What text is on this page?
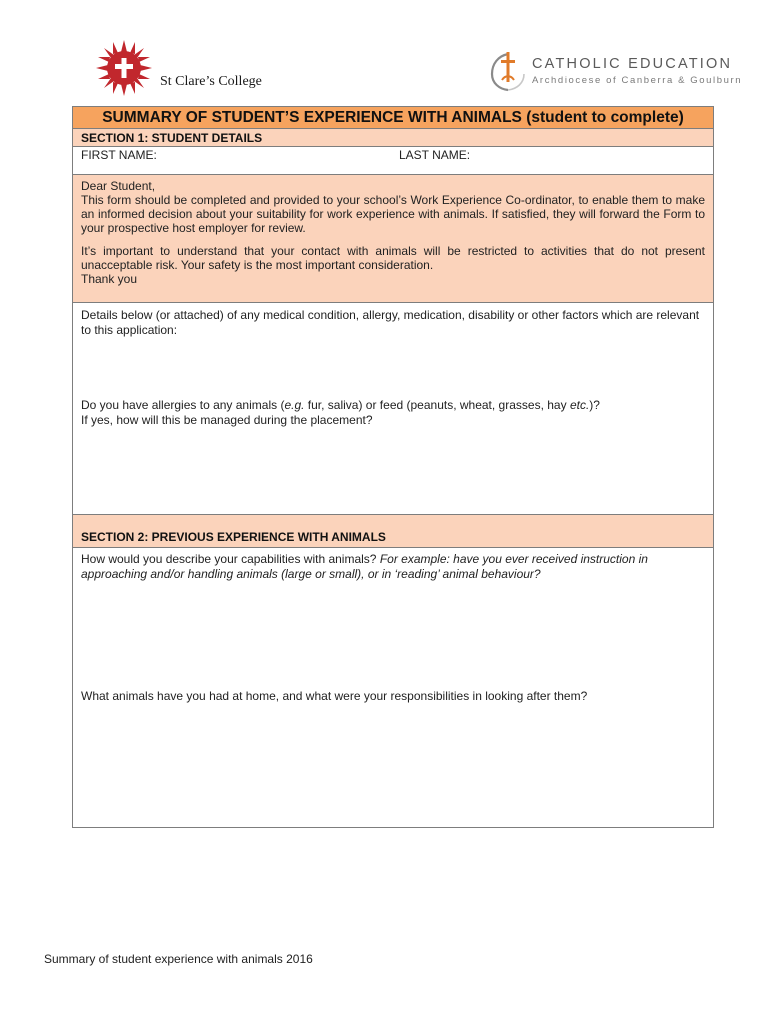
St Clare’s College
CATHOLIC EDUCATION
Archdiocese of Canberra & Goulburn
SUMMARY OF STUDENT’S EXPERIENCE WITH ANIMALS (student to complete)
SECTION 1: STUDENT DETAILS
FIRST NAME:	LAST NAME:

Dear Student,
This form should be completed and provided to your school’s Work Experience Co-ordinator, to enable them to make an informed decision about your suitability for work experience with animals. If satisfied, they will forward the Form to your prospective host employer for review.

It’s important to understand that your contact with animals will be restricted to activities that do not present unacceptable risk. Your safety is the most important consideration.
Thank you

Details below (or attached) of any medical condition, allergy, medication, disability or other factors which are relevant to this application:
Do you have allergies to any animals (e.g. fur, saliva) or feed (peanuts, wheat, grasses, hay etc.)?
If yes, how will this be managed during the placement?
SECTION 2: PREVIOUS EXPERIENCE WITH ANIMALS
How would you describe your capabilities with animals? For example: have you ever received instruction in approaching and/or handling animals (large or small), or in ‘reading’ animal behaviour?
What animals have you had at home, and what were your responsibilities in looking after them?
Summary of student experience with animals 2016
